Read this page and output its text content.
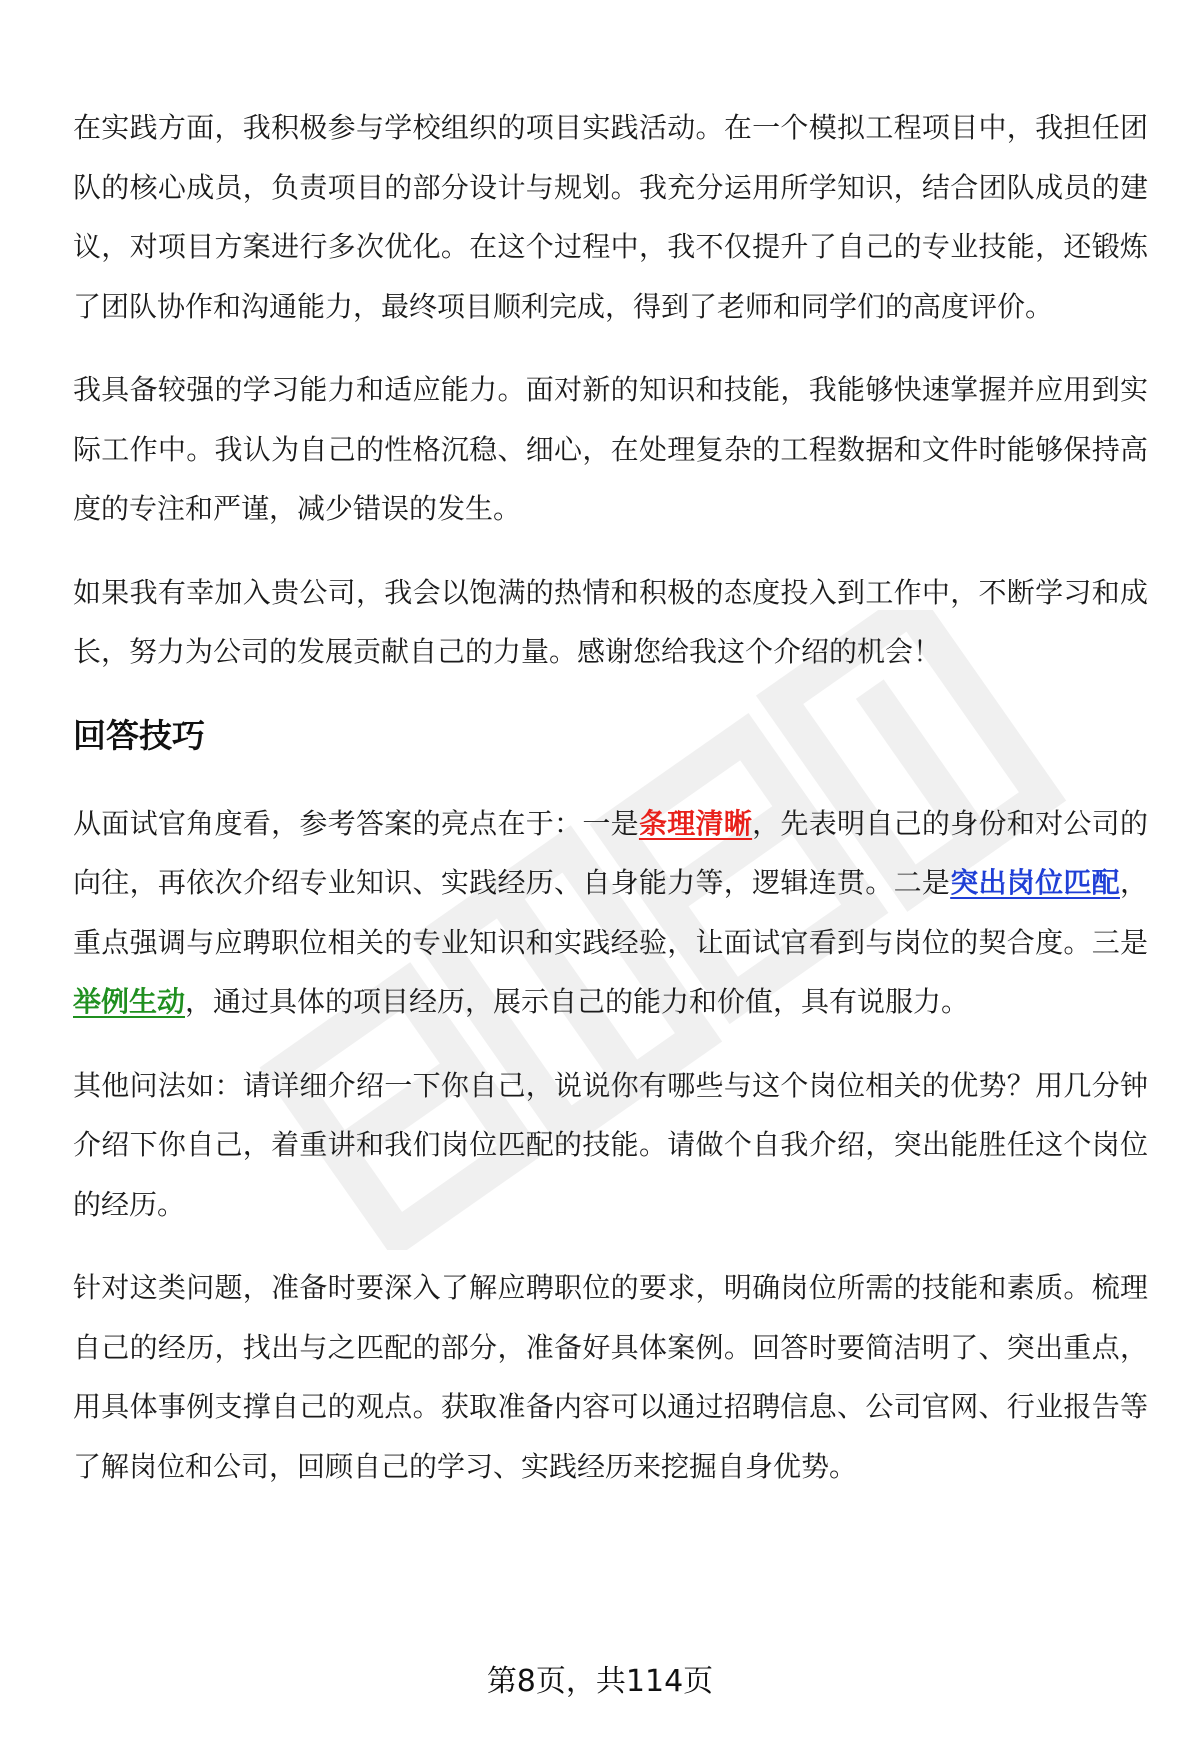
在实践方面，我积极参与学校组织的项目实践活动。在一个模拟工程项目中，我担任团队的核心成员，负责项目的部分设计与规划。我充分运用所学知识，结合团队成员的建议，对项目方案进行多次优化。在这个过程中，我不仅提升了自己的专业技能，还锻炼了团队协作和沟通能力，最终项目顺利完成，得到了老师和同学们的高度评价。

我具备较强的学习能力和适应能力。面对新的知识和技能，我能够快速掌握并应用到实际工作中。我认为自己的性格沉稳、细心，在处理复杂的工程数据和文件时能够保持高度的专注和严谨，减少错误的发生。

如果我有幸加入贵公司，我会以饱满的热情和积极的态度投入到工作中，不断学习和成长，努力为公司的发展贡献自己的力量。感谢您给我这个介绍的机会！

回答技巧

从面试官角度看，参考答案的亮点在于：一是条理清晰，先表明自己的身份和对公司的向往，再依次介绍专业知识、实践经历、自身能力等，逻辑连贯。二是突出岗位匹配，重点强调与应聘职位相关的专业知识和实践经验，让面试官看到与岗位的契合度。三是举例生动，通过具体的项目经历，展示自己的能力和价值，具有说服力。

其他问法如：请详细介绍一下你自己，说说你有哪些与这个岗位相关的优势？用几分钟介绍下你自己，着重讲和我们岗位匹配的技能。请做个自我介绍，突出能胜任这个岗位的经历。

针对这类问题，准备时要深入了解应聘职位的要求，明确岗位所需的技能和素质。梳理自己的经历，找出与之匹配的部分，准备好具体案例。回答时要简洁明了、突出重点，用具体事例支撑自己的观点。获取准备内容可以通过招聘信息、公司官网、行业报告等了解岗位和公司，回顾自己的学习、实践经历来挖掘自身优势。

第8页，共114页
